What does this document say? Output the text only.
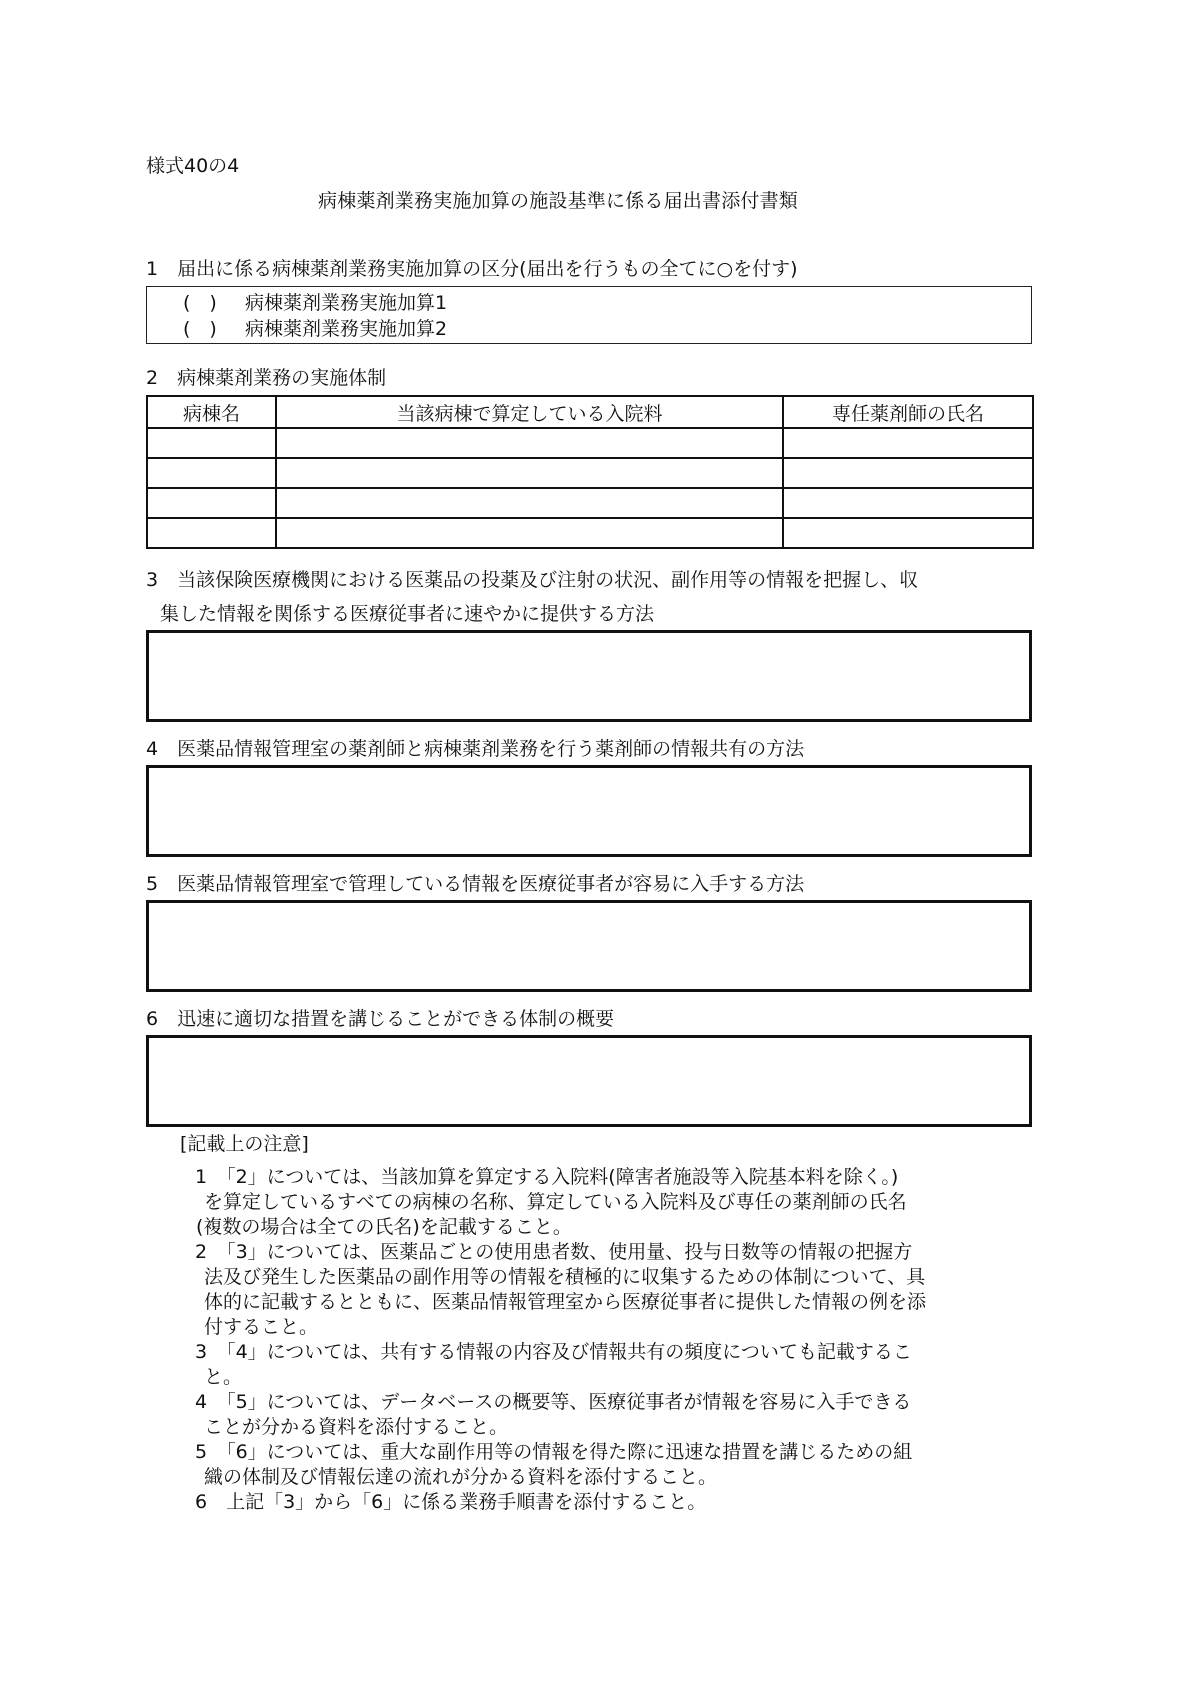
様式40の4
病棟薬剤業務実施加算の施設基準に係る届出書添付書類
1　届出に係る病棟薬剤業務実施加算の区分(届出を行うもの全てに○を付す)
(　) 病棟薬剤業務実施加算1
(　) 病棟薬剤業務実施加算2
2　病棟薬剤業務の実施体制
病棟名	当該病棟で算定している入院料	専任薬剤師の氏名

3　当該保険医療機関における医薬品の投薬及び注射の状況、副作用等の情報を把握し、収
集した情報を関係する医療従事者に速やかに提供する方法
4　医薬品情報管理室の薬剤師と病棟薬剤業務を行う薬剤師の情報共有の方法
5　医薬品情報管理室で管理している情報を医療従事者が容易に入手する方法
6　迅速に適切な措置を講じることができる体制の概要
[記載上の注意]
1　「2」については、当該加算を算定する入院料(障害者施設等入院基本料を除く。)
を算定しているすべての病棟の名称、算定している入院料及び専任の薬剤師の氏名
(複数の場合は全ての氏名)を記載すること。
2　「3」については、医薬品ごとの使用患者数、使用量、投与日数等の情報の把握方
法及び発生した医薬品の副作用等の情報を積極的に収集するための体制について、具
体的に記載するとともに、医薬品情報管理室から医療従事者に提供した情報の例を添
付すること。
3　「4」については、共有する情報の内容及び情報共有の頻度についても記載するこ
と。
4　「5」については、データベースの概要等、医療従事者が情報を容易に入手できる
ことが分かる資料を添付すること。
5　「6」については、重大な副作用等の情報を得た際に迅速な措置を講じるための組
織の体制及び情報伝達の流れが分かる資料を添付すること。
6　上記「3」から「6」に係る業務手順書を添付すること。
